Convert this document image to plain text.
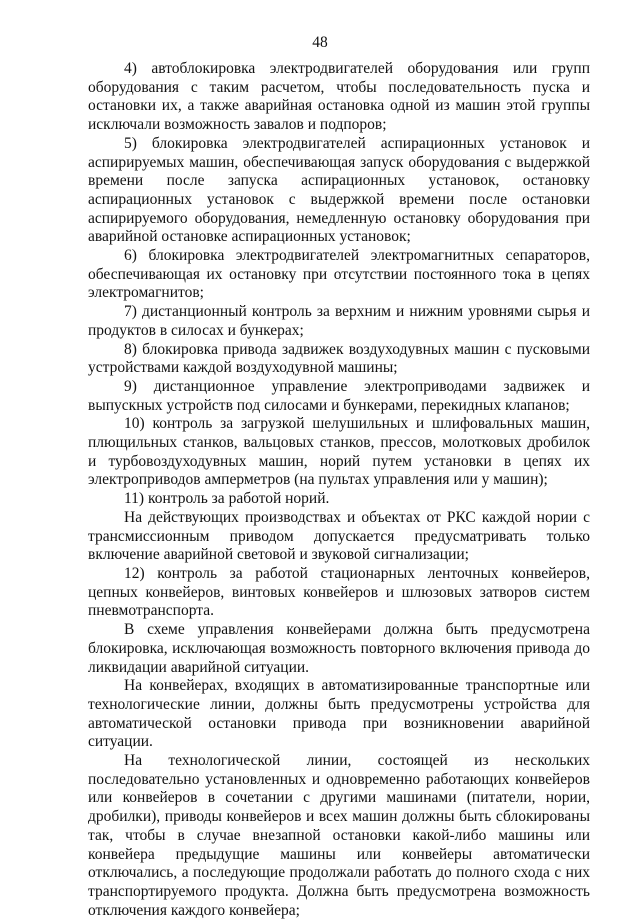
48

4) автоблокировка электродвигателей оборудования или групп оборудования с таким расчетом, чтобы последовательность пуска и остановки их, а также аварийная остановка одной из машин этой группы исключали возможность завалов и подпоров;

5) блокировка электродвигателей аспирационных установок и аспирируемых машин, обеспечивающая запуск оборудования с выдержкой времени после запуска аспирационных установок, остановку аспирационных установок с выдержкой времени после остановки аспирируемого оборудования, немедленную остановку оборудования при аварийной остановке аспирационных установок;

6) блокировка электродвигателей электромагнитных сепараторов, обеспечивающая их остановку при отсутствии постоянного тока в цепях электромагнитов;

7) дистанционный контроль за верхним и нижним уровнями сырья и продуктов в силосах и бункерах;

8) блокировка привода задвижек воздуходувных машин с пусковыми устройствами каждой воздуходувной машины;

9) дистанционное управление электроприводами задвижек и выпускных устройств под силосами и бункерами, перекидных клапанов;

10) контроль за загрузкой шелушильных и шлифовальных машин, плющильных станков, вальцовых станков, прессов, молотковых дробилок и турбовоздуходувных машин, норий путем установки в цепях их электроприводов амперметров (на пультах управления или у машин);

11) контроль за работой норий.

На действующих производствах и объектах от РКС каждой нории с трансмиссионным приводом допускается предусматривать только включение аварийной световой и звуковой сигнализации;

12) контроль за работой стационарных ленточных конвейеров, цепных конвейеров, винтовых конвейеров и шлюзовых затворов систем пневмотранспорта.

В схеме управления конвейерами должна быть предусмотрена блокировка, исключающая возможность повторного включения привода до ликвидации аварийной ситуации.

На конвейерах, входящих в автоматизированные транспортные или технологические линии, должны быть предусмотрены устройства для автоматической остановки привода при возникновении аварийной ситуации.

На технологической линии, состоящей из нескольких последовательно установленных и одновременно работающих конвейеров или конвейеров в сочетании с другими машинами (питатели, нории, дробилки), приводы конвейеров и всех машин должны быть сблокированы так, чтобы в случае внезапной остановки какой-либо машины или конвейера предыдущие машины или конвейеры автоматически отключались, а последующие продолжали работать до полного схода с них транспортируемого продукта. Должна быть предусмотрена возможность отключения каждого конвейера;
